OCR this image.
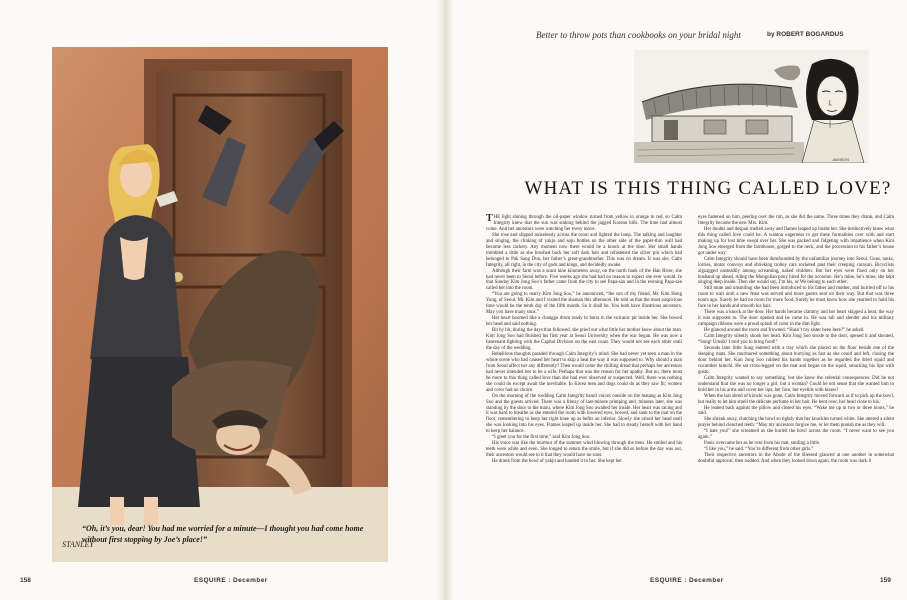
STANLEY
“Oh, it’s you, dear! You had me worried for a minute—I thought you had come home without first stopping by Joe’s place!”
158	ESQUIRE : December
Better to throw pots than cookbooks on your bridal night	by ROBERT BOGARDUS
JAMISON
WHAT IS THIS THING CALLED LOVE?

THE light shining through the oil-paper window turned from yellow to orange to red, so Calm Integrity knew that the sun was sinking behind the jagged Korean hills. The time had almost come. And her ancestors were watching her every move.

She rose and slipped noiselessly across the room and lighted the lamp. The talking and laughter and singing, the clinking of yakju and soju bottles on the other side of the paper-thin wall had become less rackety. Any moment now there would be a knock at the door. Her small hands trembled a little as she brushed back her soft dark hair and refastened the silver pin which had belonged to Pak Sang Dun, her father’s great-grandmother. This was no dream. It was she, Calm Integrity, all right, in the city of gods and kings, and decidedly awake.

Although their farm was a scant nine kilometers away, on the north bank of the Han River, she had never been to Seoul before. Five weeks ago she had had no reason to expect she ever would. In that Sunday Kim Jong Soo’s father came from the city to see Papa-san and in the evening Papa-san called her into the room.

“You are going to marry Kim Jong Soo,” he announced, “the son of my friend, Mr. Kim Hong Yung, of Seoul. Mr. Kim and I visited the shaman this afternoon. He told us that the most auspicious time would be the tenth day of the fifth month. So it shall be. You both have illustrious ancestors. May you have many sons.”

Her heart boomed like a changgu drum ready to burst in the volcanic pit inside her. She bowed her head and said nothing.

Bit by bit, during the days that followed, she pried out what little her mother knew about the man. Kim Jong Soo had finished his first year at Seoul University when the war began. He was now a lieutenant fighting with the Capital Division on the east coast. They would not see each other until the day of the wedding.

Rebellious thoughts paraded through Calm Integrity’s mind. She had never yet seen a man in the whole scene who had caused her heart to skip a beat the way it was supposed to. Why should a man from Seoul affect her any differently? Then would come the chilling dread that perhaps her ancestors had never intended her to be a wife. Perhaps that was the reason for her apathy. But no, there must be more to this thing called love than she had ever observed or suspected. Well, there was nothing she could do except await the inevitable. In Korea men and dogs could do as they saw fit; women and cows had no choice.

On the morning of the wedding Calm Integrity heard voices outside on the matang as Kim Jong Soo and the guests arrived. There was a frenzy of last-minute primping and, minutes later, she was standing by the door to the maru, where Kim Jong Soo awaited her inside. Her heart was racing and it was hard to breathe as she entered the room with lowered eyes, bowed, and sank to the mat on the floor, remembering to keep her right knee up as befits an inferior. Slowly she raised her head until she was looking into his eyes. Flames leaped up inside her. She had to steady herself with her hand to keep her balance.

“I greet you for the first time,” said Kim Jong Soo.

His voice was like the murmur of the summer wind blowing through the trees. He smiled and his teeth were white and even. She longed to return the smile, but if she did so before the day was out, their ancestors would see to it that they would have no sons.

He drank from the bowl of yakju and handed it to her. She kept her

eyes fastened on him, peering over the rim, as she did the same. Three times they drank, and Calm Integrity became the new Mrs. Kim.

Her doubts and despair melted away and flames leaped up inside her. She instinctively knew what this thing called love could be. A wanton eagerness to get these formalities over with and start making up for lost time swept over her. She was packed and fidgeting with impatience when Kim Jong Soo emerged from the farmhouse, gorged to the neck, and the procession to his father’s house got under way.

Calm Integrity should have been dumfounded by the unfamiliar journey into Seoul. Guns, tanks, lorries, motor convoys and shrieking trolley cars rocketed past their creeping caravan. Bicyclists zigzagged unsteadily among screaming, naked children. But her eyes were fixed only on her husband up ahead, riding the Mongolian pony hired for the occasion. He’s mine, he’s mine, she kept singing deep inside. Then she would say, I’m his, or We belong to each other.

Still mute and unsmiling she had been introduced to his father and mother, and hurried off to his room to wait until a new feast was served and more guests sent on their way. But that was three hours ago. Surely he had no room for more food. Surely he must know how she yearned to hold his face in her hands and smooth his hair.

There was a knock at the door. Her hands became clammy and her heart skipped a beat, the way it was supposed to. The door opened and he came in. He was tall and slender and his military campaign ribbons were a proud splash of color in the dim light.

He glanced around the room and frowned. “Hasn’t my sister been here?” he asked.

Calm Integrity silently shook her head. Kim Jong Soo strode to the door, opened it and shouted, “Sung! Umsik! I told you to bring food!”

Seconds later little Sung entered with a tray which she placed on the floor beside one of the sleeping mats. She murmured something about hurrying as fast as she could and left, closing the door behind her. Kim Jong Soo rubbed his hands together as he regarded the dried squid and cucumber kimchi. He sat cross-legged on the mat and began on the squid, smacking his lips with gusto.

Calm Integrity wanted to say something, but she knew the celestial consequences. Did he not understand that she was no longer a girl, but a woman? Could he not sense that she wanted him to hold her in his arms and cover her lips, her face, her eyelids with kisses?

When the last shred of kimchi was gone, Calm Integrity moved forward as if to pick up the bowl, but really to let him smell the delicate perfume in her hair. He bent over, her head close to his.

He leaned back against the pillow and closed his eyes. “Wake me up in two or three hours,” he said.

She shrank away, clutching the bowl so tightly that her knuckles turned white. She uttered a silent prayer behind clenched teeth: “May my ancestors forgive me, or let them punish me as they will.

“I hate you!” she screamed as she hurled the bowl across the room. “I never want to see you again.”

Panic overcame her as he rose from his mat, smiling a little.

“I like you,” he said. “You’re different from other girls.”

Their respective ancestors in the Abode of the Blessed glanced at one another in somewhat doubtful approval, then nodded. And when they looked down again, the room was dark. ‖

159
ESQUIRE : December
